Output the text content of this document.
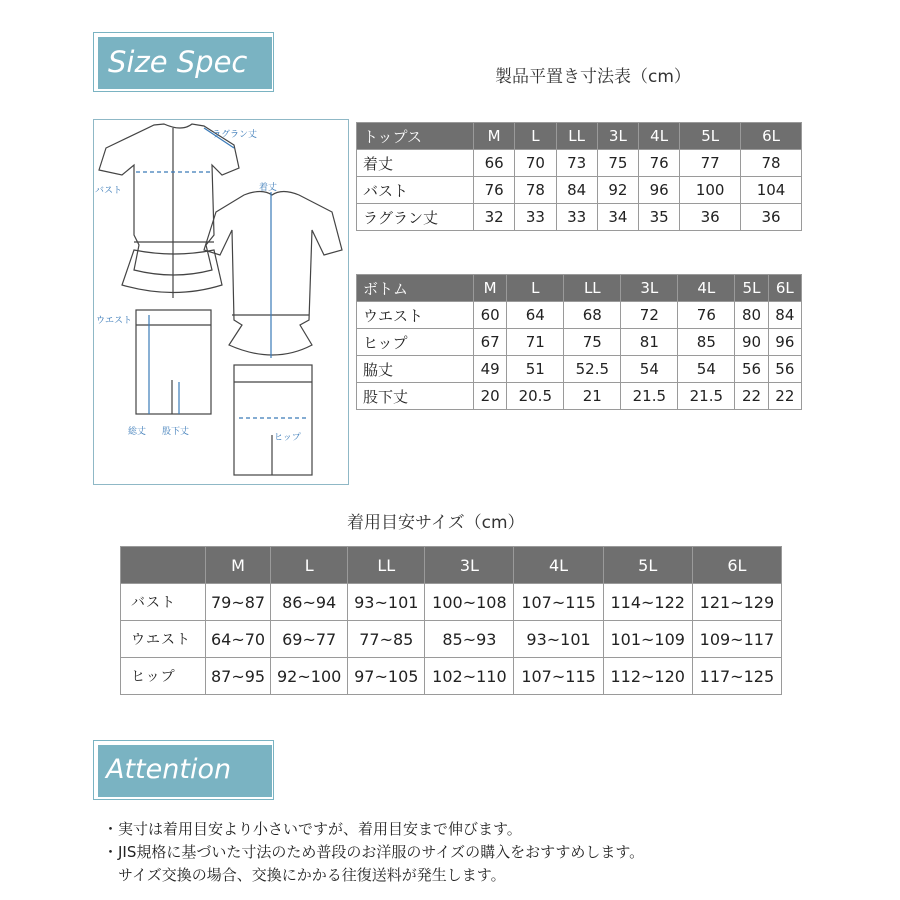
Size Spec	製品平置き寸法表（cm）
ラグラン丈
バスト	着丈
ウエスト
総丈 股下丈
ヒップ
トップス	M	L	LL	3L	4L	5L	6L
着丈	66	70	73	75	76	77	78
バスト	76	78	84	92	96	100	104
ラグラン丈	32	33	33	34	35	36	36
ボトム	M	L	LL	3L	4L	5L	6L
ウエスト	60	64	68	72	76	80	84
ヒップ	67	71	75	81	85	90	96
脇丈	49	51	52.5	54	54	56	56
股下丈	20	20.5	21	21.5	21.5	22	22
着用目安サイズ（cm）
	M	L	LL	3L	4L	5L	6L
バスト	79~87	86~94	93~101	100~108	107~115	114~122	121~129
ウエスト	64~70	69~77	77~85	85~93	93~101	101~109	109~117
ヒップ	87~95	92~100	97~105	102~110	107~115	112~120	117~125
Attention
・実寸は着用目安より小さいですが、着用目安まで伸びます。
・JIS規格に基づいた寸法のため普段のお洋服のサイズの購入をおすすめします。
　サイズ交換の場合、交換にかかる往復送料が発生します。
